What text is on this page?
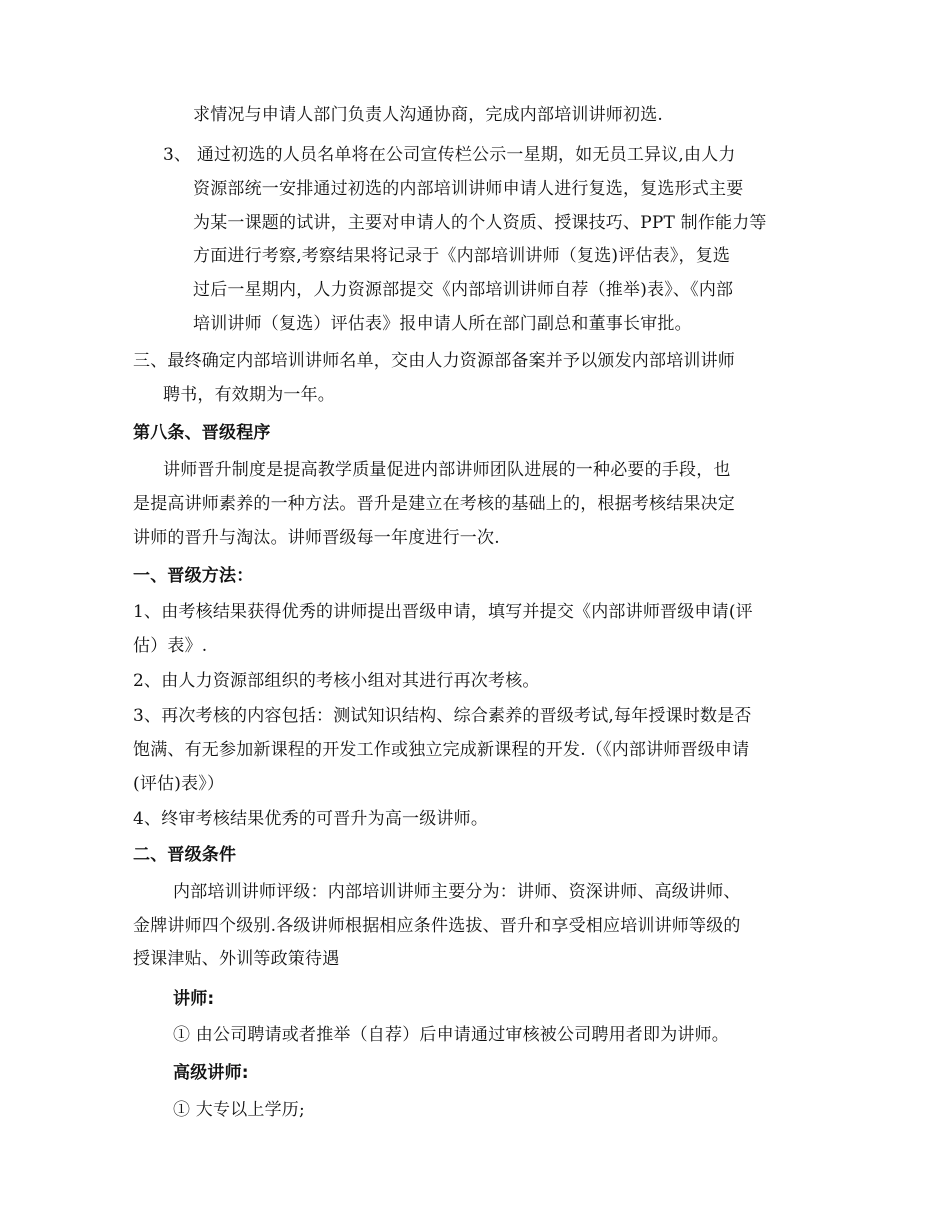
求情况与申请人部门负责人沟通协商，完成内部培训讲师初选.
3、 通过初选的人员名单将在公司宣传栏公示一星期，如无员工异议,由人力
资源部统一安排通过初选的内部培训讲师申请人进行复选，复选形式主要
为某一课题的试讲，主要对申请人的个人资质、授课技巧、PPT 制作能力等
方面进行考察,考察结果将记录于《内部培训讲师（复选)评估表》，复选
过后一星期内，人力资源部提交《内部培训讲师自荐（推举)表》、《内部
培训讲师（复选）评估表》报申请人所在部门副总和董事长审批。
三、最终确定内部培训讲师名单，交由人力资源部备案并予以颁发内部培训讲师
聘书，有效期为一年。
第八条、晋级程序
讲师晋升制度是提高教学质量促进内部讲师团队进展的一种必要的手段，也
是提高讲师素养的一种方法。晋升是建立在考核的基础上的，根据考核结果决定
讲师的晋升与淘汰。讲师晋级每一年度进行一次.
一、晋级方法：
1、由考核结果获得优秀的讲师提出晋级申请，填写并提交《内部讲师晋级申请(评
估）表》.
2、由人力资源部组织的考核小组对其进行再次考核。
3、再次考核的内容包括：测试知识结构、综合素养的晋级考试,每年授课时数是否
饱满、有无参加新课程的开发工作或独立完成新课程的开发.（《内部讲师晋级申请
(评估)表》）
4、终审考核结果优秀的可晋升为高一级讲师。
二、晋级条件
内部培训讲师评级：内部培训讲师主要分为：讲师、资深讲师、高级讲师、
金牌讲师四个级别.各级讲师根据相应条件选拔、晋升和享受相应培训讲师等级的
授课津贴、外训等政策待遇
讲师:
① 由公司聘请或者推举（自荐）后申请通过审核被公司聘用者即为讲师。
高级讲师:
① 大专以上学历;
